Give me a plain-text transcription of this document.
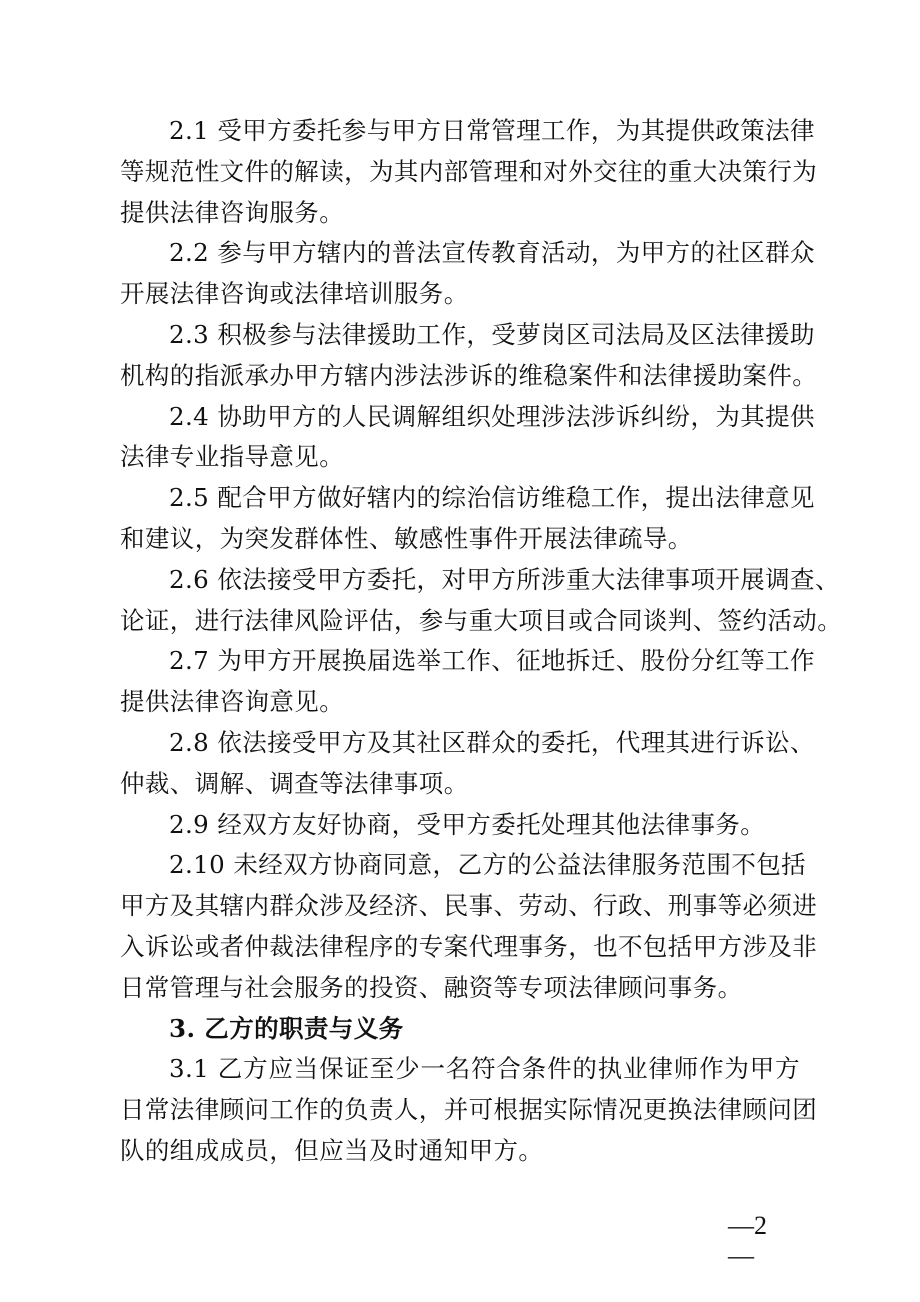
2.1 受甲方委托参与甲方日常管理工作，为其提供政策法律
等规范性文件的解读，为其内部管理和对外交往的重大决策行为
提供法律咨询服务。

2.2 参与甲方辖内的普法宣传教育活动，为甲方的社区群众
开展法律咨询或法律培训服务。

2.3 积极参与法律援助工作，受萝岗区司法局及区法律援助
机构的指派承办甲方辖内涉法涉诉的维稳案件和法律援助案件。

2.4 协助甲方的人民调解组织处理涉法涉诉纠纷，为其提供
法律专业指导意见。

2.5 配合甲方做好辖内的综治信访维稳工作，提出法律意见
和建议，为突发群体性、敏感性事件开展法律疏导。

2.6 依法接受甲方委托，对甲方所涉重大法律事项开展调查、
论证，进行法律风险评估，参与重大项目或合同谈判、签约活动。

2.7 为甲方开展换届选举工作、征地拆迁、股份分红等工作
提供法律咨询意见。

2.8 依法接受甲方及其社区群众的委托，代理其进行诉讼、
仲裁、调解、调查等法律事项。

2.9 经双方友好协商，受甲方委托处理其他法律事务。

2.10 未经双方协商同意，乙方的公益法律服务范围不包括
甲方及其辖内群众涉及经济、民事、劳动、行政、刑事等必须进
入诉讼或者仲裁法律程序的专案代理事务，也不包括甲方涉及非
日常管理与社会服务的投资、融资等专项法律顾问事务。

3. 乙方的职责与义务

3.1 乙方应当保证至少一名符合条件的执业律师作为甲方
日常法律顾问工作的负责人，并可根据实际情况更换法律顾问团
队的组成成员，但应当及时通知甲方。

—2—
